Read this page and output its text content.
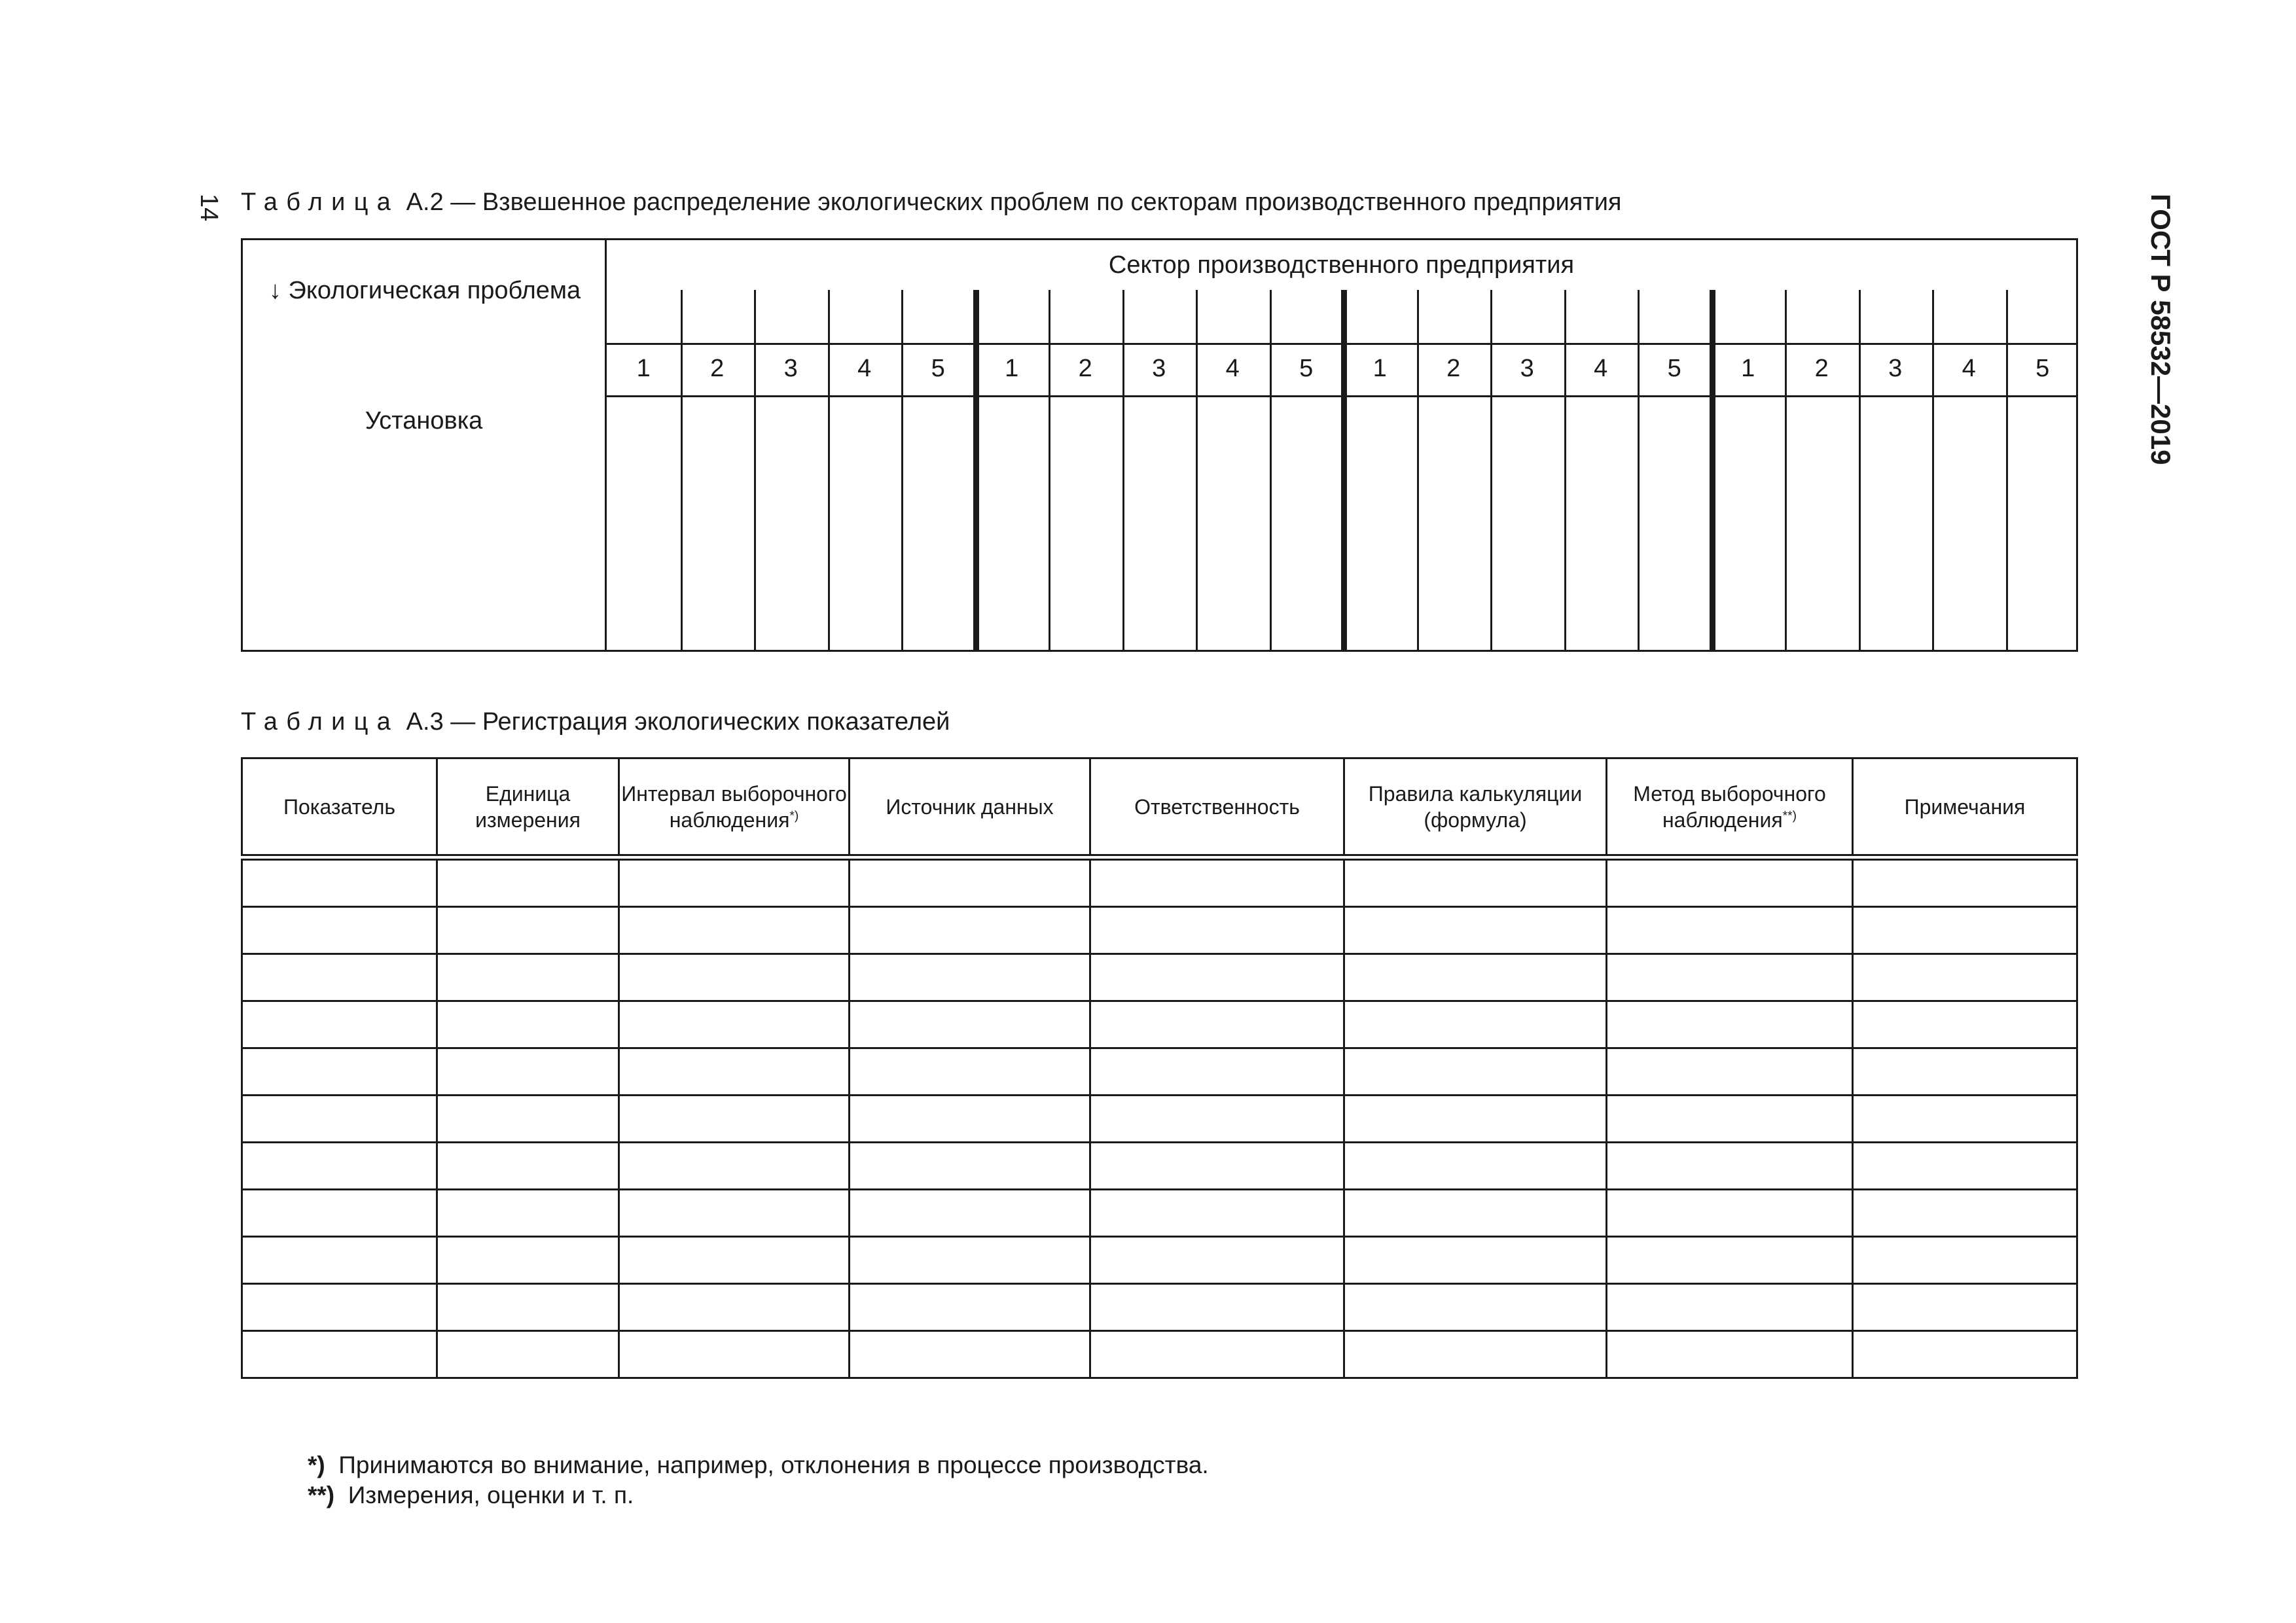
14	ГОСТ Р 58532—2019
Таблица A.2 — Взвешенное распределение экологических проблем по секторам производственного предприятия
↓ Экологическая проблема
Установка
Сектор производственного предприятия
1	2	3	4	5	1	2	3	4	5	1	2	3	4	5	1	2	3	4	5
Таблица A.3 — Регистрация экологических показателей
Показатель	Единица измерения	Интервал выборочного наблюдения*)	Источник данных	Ответственность	Правила калькуляции (формула)	Метод выборочного наблюдения**)	Примечания

*) Принимаются во внимание, например, отклонения в процессе производства.
**) Измерения, оценки и т. п.
